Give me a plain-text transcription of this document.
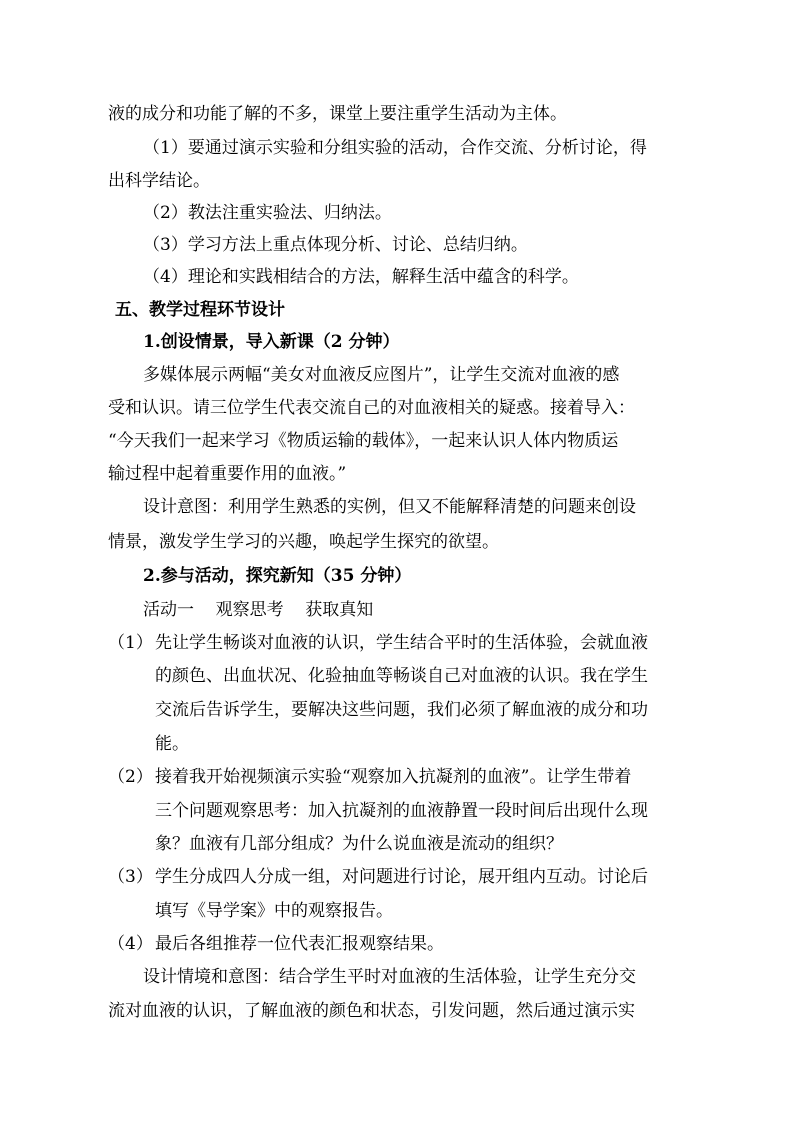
液的成分和功能了解的不多，课堂上要注重学生活动为主体。
（1）要通过演示实验和分组实验的活动，合作交流、分析讨论，得
出科学结论。
（2）教法注重实验法、归纳法。
（3）学习方法上重点体现分析、讨论、总结归纳。
（4）理论和实践相结合的方法，解释生活中蕴含的科学。
五、教学过程环节设计
1.创设情景，导入新课（2 分钟）
多媒体展示两幅“美女对血液反应图片”，让学生交流对血液的感
受和认识。请三位学生代表交流自己的对血液相关的疑惑。接着导入：
“今天我们一起来学习《物质运输的载体》，一起来认识人体内物质运
输过程中起着重要作用的血液。”
设计意图：利用学生熟悉的实例，但又不能解释清楚的问题来创设
情景，激发学生学习的兴趣，唤起学生探究的欲望。
2.参与活动，探究新知（35 分钟）
活动一    观察思考    获取真知
（1） 先让学生畅谈对血液的认识，学生结合平时的生活体验，会就血液
的颜色、出血状况、化验抽血等畅谈自己对血液的认识。我在学生
交流后告诉学生，要解决这些问题，我们必须了解血液的成分和功
能。
（2） 接着我开始视频演示实验“观察加入抗凝剂的血液”。让学生带着
三个问题观察思考：加入抗凝剂的血液静置一段时间后出现什么现
象？血液有几部分组成？为什么说血液是流动的组织？
（3） 学生分成四人分成一组，对问题进行讨论，展开组内互动。讨论后
填写《导学案》中的观察报告。
（4） 最后各组推荐一位代表汇报观察结果。
设计情境和意图：结合学生平时对血液的生活体验，让学生充分交
流对血液的认识，了解血液的颜色和状态，引发问题，然后通过演示实
